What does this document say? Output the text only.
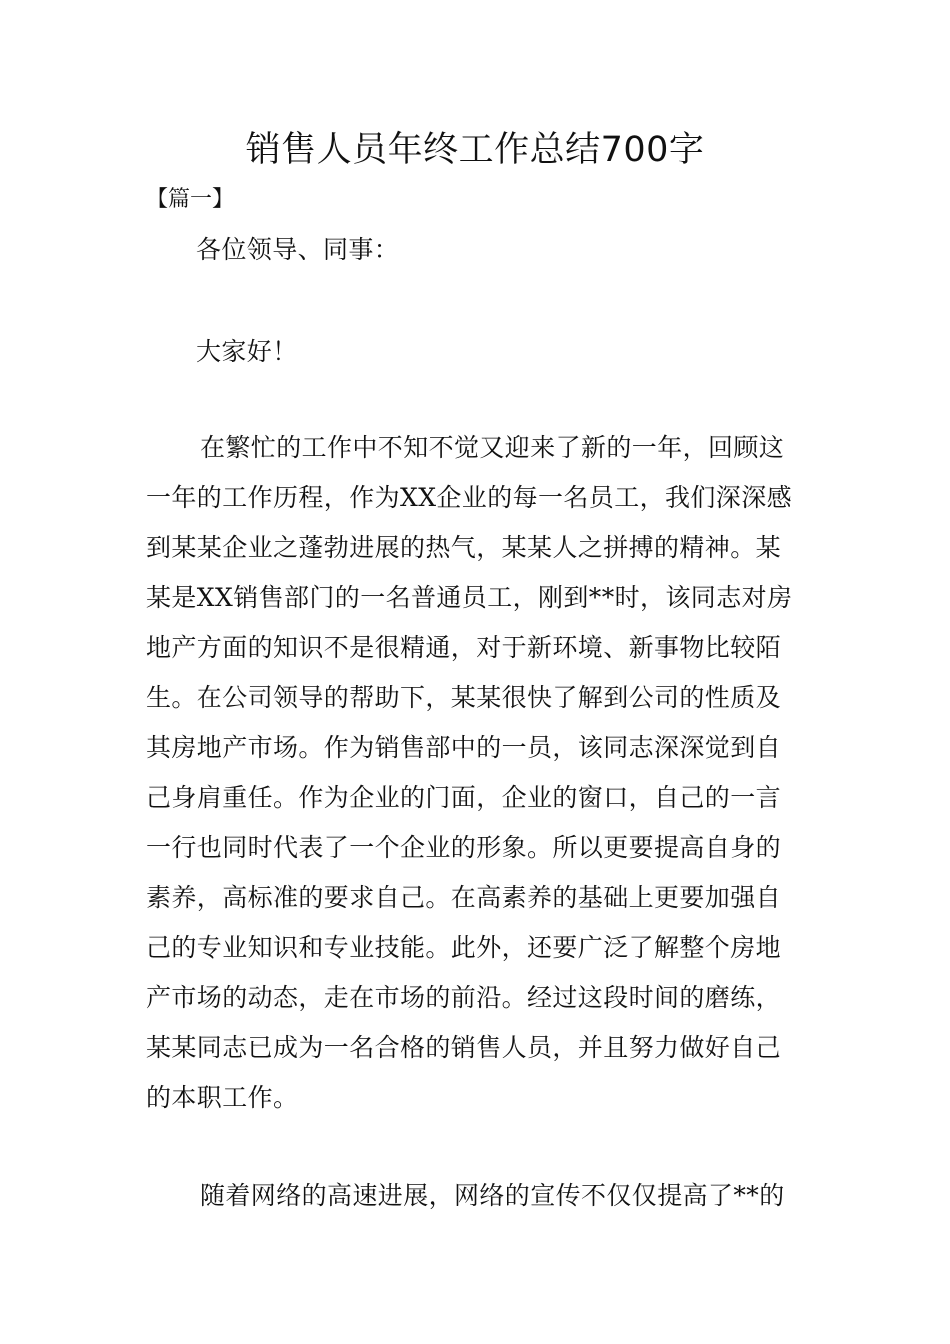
销售人员年终工作总结700字
【篇一】
各位领导、同事：
大家好！
在繁忙的工作中不知不觉又迎来了新的一年，回顾这
一年的工作历程，作为XX企业的每一名员工，我们深深感
到某某企业之蓬勃进展的热气，某某人之拼搏的精神。某
某是XX销售部门的一名普通员工，刚到**时，该同志对房
地产方面的知识不是很精通，对于新环境、新事物比较陌
生。在公司领导的帮助下，某某很快了解到公司的性质及
其房地产市场。作为销售部中的一员，该同志深深觉到自
己身肩重任。作为企业的门面，企业的窗口，自己的一言
一行也同时代表了一个企业的形象。所以更要提高自身的
素养，高标准的要求自己。在高素养的基础上更要加强自
己的专业知识和专业技能。此外，还要广泛了解整个房地
产市场的动态，走在市场的前沿。经过这段时间的磨练，
某某同志已成为一名合格的销售人员，并且努力做好自己
的本职工作。
随着网络的高速进展，网络的宣传不仅仅提高了**的
